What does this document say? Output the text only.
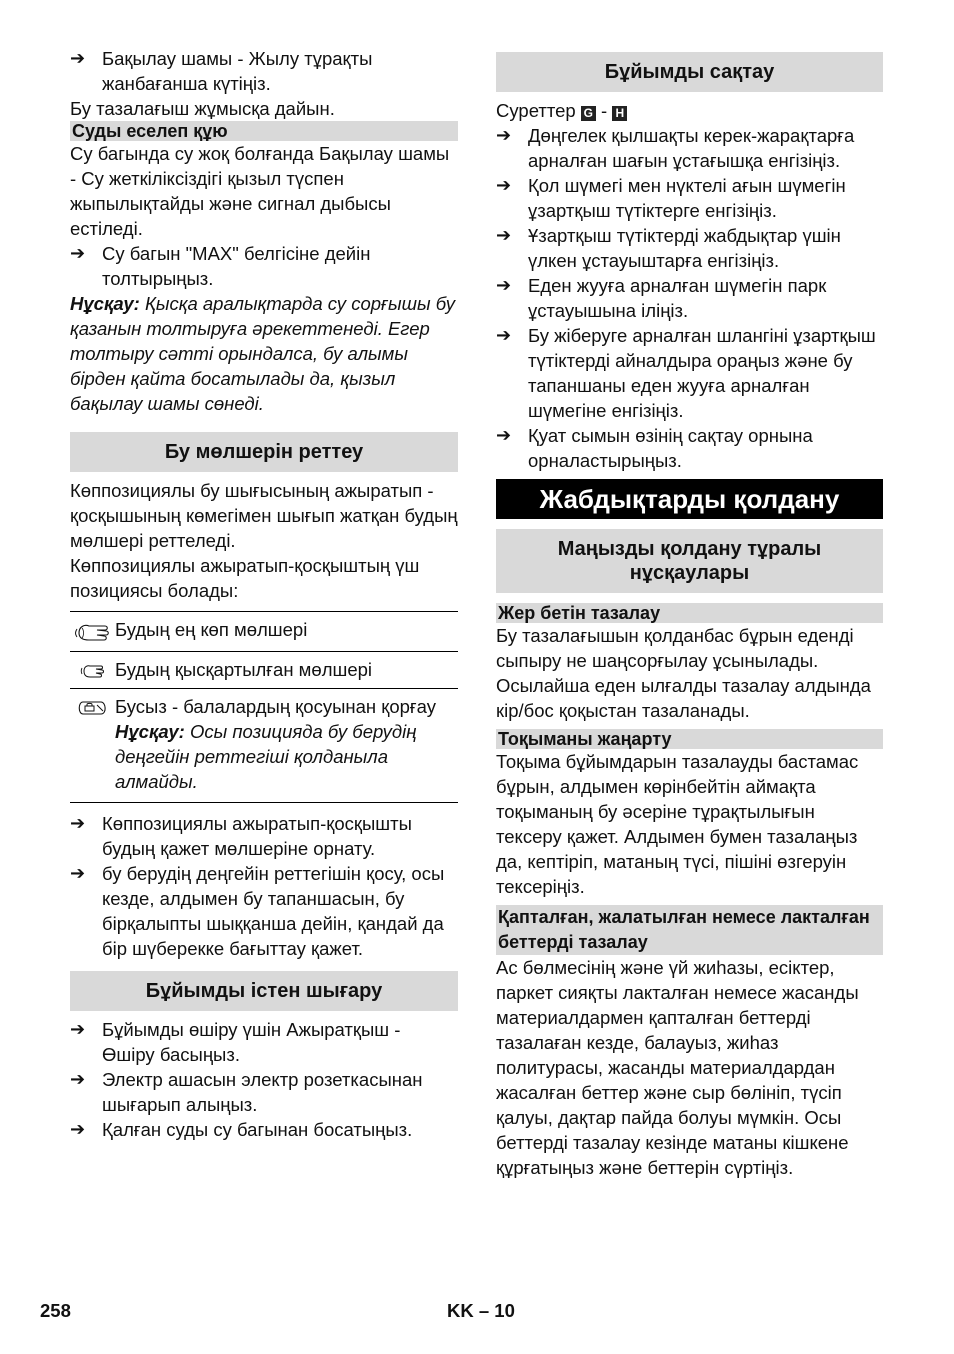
➔ Бақылау шамы - Жылу тұрақты жанбағанша күтіңіз.

Бу тазалағыш жұмысқа дайын.

Суды еселеп құю

Су багында су жоқ болғанда Бақылау шамы - Су жеткіліксіздігі қызыл түспен жыпылықтайды және сигнал дыбысы естіледі.

➔ Су багын "MAX" белгісіне дейін толтырыңыз.

Нұсқау: Қысқа аралықтарда су сорғышы бу қазанын толтыруға әрекеттенеді. Егер толтыру сәтті орындалса, бу алымы бірден қайта босатылады да, қызыл бақылау шамы сөнеді.

Бу мөлшерін реттеу

Көппозициялы бу шығысының ажыратып - қосқышының көмегімен шығып жатқан будың мөлшері реттеледі.

Көппозициялы ажыратып-қосқыштың үш позициясы болады:

Будың ең көп мөлшері
Будың қысқартылған мөлшері

Бусыз - балалардың қосуынан қорғау

Нұсқау: Осы позицияда бу берудің деңгейін реттегіші қолданыла алмайды.

➔ Көппозициялы ажыратып-қосқышты будың қажет мөлшеріне орнату.
➔ бу берудің деңгейін реттегішін қосу, осы кезде, алдымен бу тапаншасын, бу бірқалыпты шыққанша дейін, қандай да бір шүберекке бағыттау қажет.
Бұйымды істен шығару
➔ Бұйымды өшіру үшін Ажыратқыш - Өшіру басыңыз.
➔ Электр ашасын электр розеткасынан шығарып алыңыз.
➔ Қалған суды су багынан босатыңыз.
Бұйымды сақтау

Суреттер G - H

➔ Дөңгелек қылшақты керек-жарақтарға арналған шағын ұстағышқа енгізіңіз.
➔ Қол шүмегі мен нүктелі ағын шүмегін ұзартқыш түтіктерге енгізіңіз.
➔ Ұзартқыш түтіктерді жабдықтар үшін үлкен ұстауыштарға енгізіңіз.
➔ Еден жууға арналған шүмегін парк ұстауышына іліңіз.
➔ Бу жіберуге арналған шлангіні ұзартқыш түтіктерді айналдыра ораңыз және бу тапаншаны еден жууға арналған шүмегіне енгізіңіз.
➔ Қуат сымын өзінің сақтау орнына орналастырыңыз.
Жабдықтарды қолдану
Маңызды қолдану тұралы нұсқаулары
Жер бетін тазалау

Бу тазалағышын қолданбас бұрын еденді сыпыру не шаңсорғылау ұсынылады. Осылайша еден ылғалды тазалау алдында кір/бос қоқыстан тазаланады.

Тоқыманы жаңарту

Тоқыма бұйымдарын тазалауды бастамас бұрын, алдымен көрінбейтін аймақта тоқыманың бу әсеріне тұрақтылығын тексеру қажет. Алдымен бумен тазалаңыз да, кептіріп, матаның түсі, пішіні өзгеруін тексеріңіз.

Қапталған, жалатылған немесе лакталған беттерді тазалау

Ас бөлмесінің және үй жиһазы, есіктер, паркет сияқты лакталған немесе жасанды материалдармен қапталған беттерді тазалаған кезде, балауыз, жиһаз политурасы, жасанды материалдардан жасалған беттер және сыр бөлініп, түсіп қалуы, дақтар пайда болуы мүмкін. Осы беттерді тазалау кезінде матаны кішкене құрғатыңыз және беттерін сүртіңіз.

258	KK – 10
